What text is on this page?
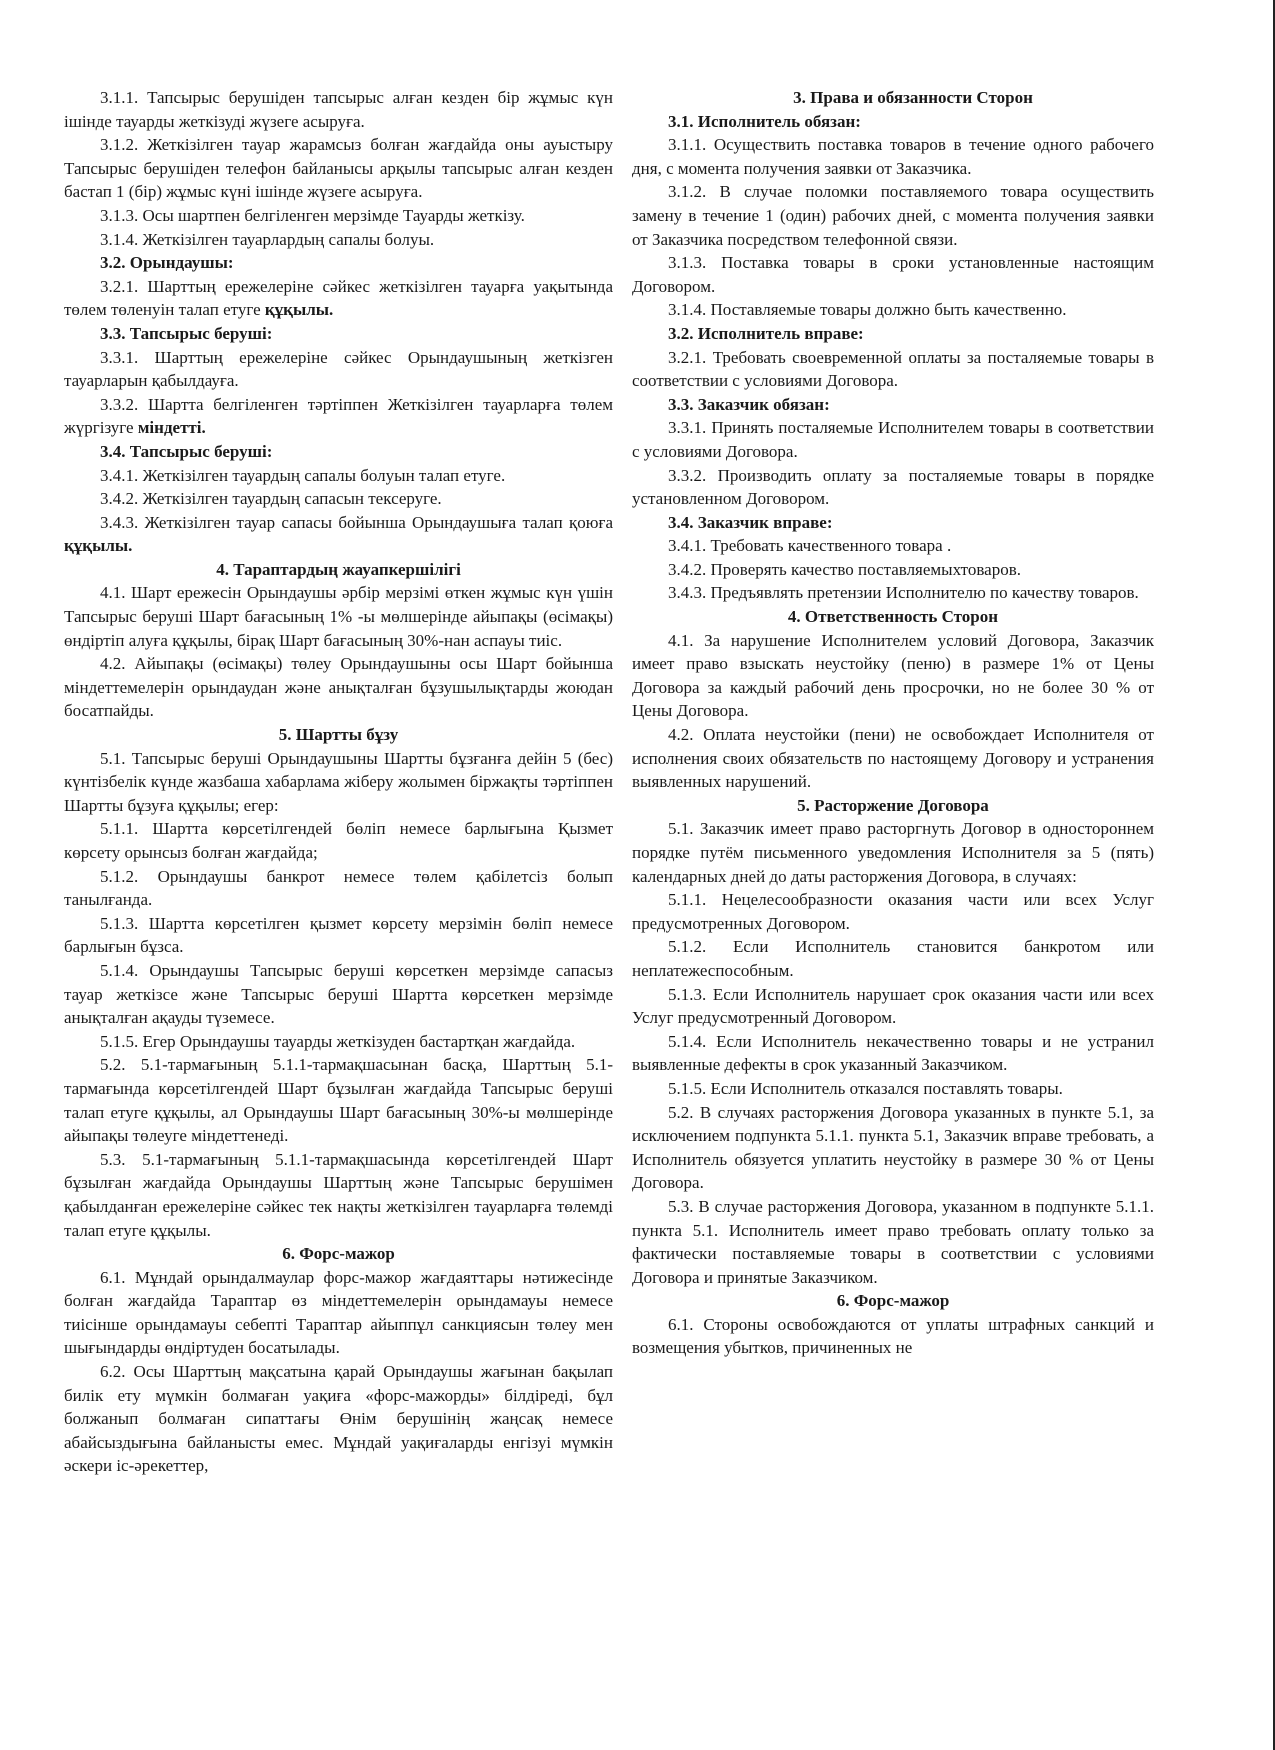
3.1.1. Тапсырыс берушіден тапсырыс алған кезден бір жұмыс күн ішінде тауарды жеткізуді жүзеге асыруға.

3.1.2. Жеткізілген тауар жарамсыз болған жағдайда оны ауыстыру Тапсырыс берушіден телефон байланысы арқылы тапсырыс алған кезден бастап 1 (бір) жұмыс күні ішінде жүзеге асыруға.

3.1.3. Осы шартпен белгіленген мерзімде Тауарды жеткізу.

3.1.4. Жеткізілген тауарлардың сапалы болуы.

3.2. Орындаушы:

3.2.1. Шарттың ережелеріне сәйкес жеткізілген тауарға уақытында төлем төленуін талап етуге құқылы.

3.3. Тапсырыс беруші:

3.3.1. Шарттың ережелеріне сәйкес Орындаушының жеткізген тауарларын қабылдауға.

3.3.2. Шартта белгіленген тәртіппен Жеткізілген тауарларға төлем жүргізуге міндетті.

3.4. Тапсырыс беруші:

3.4.1. Жеткізілген тауардың сапалы болуын талап етуге.

3.4.2. Жеткізілген тауардың сапасын тексеруге.

3.4.3. Жеткізілген тауар сапасы бойынша Орындаушыға талап қоюға құқылы.

4. Тараптардың жауапкершілігі

4.1. Шарт ережесін Орындаушы әрбір мерзімі өткен жұмыс күн үшін Тапсырыс беруші Шарт бағасының 1% -ы мөлшерінде айыпақы (өсімақы) өндіртіп алуға құқылы, бірақ Шарт бағасының 30%-нан аспауы тиіс.

4.2. Айыпақы (өсімақы) төлеу Орындаушыны осы Шарт бойынша міндеттемелерін орындаудан және анықталған бұзушылықтарды жоюдан босатпайды.

5. Шартты бұзу

5.1. Тапсырыс беруші Орындаушыны Шартты бұзғанға дейін 5 (бес) күнтізбелік күнде жазбаша хабарлама жіберу жолымен біржақты тәртіппен Шартты бұзуға құқылы; егер:

5.1.1. Шартта көрсетілгендей бөліп немесе барлығына Қызмет көрсету орынсыз болған жағдайда;

5.1.2. Орындаушы банкрот немесе төлем қабілетсіз болып танылғанда.

5.1.3. Шартта көрсетілген қызмет көрсету мерзімін бөліп немесе барлығын бұзса.

5.1.4. Орындаушы Тапсырыс беруші көрсеткен мерзімде сапасыз тауар жеткізсе және Тапсырыс беруші Шартта көрсеткен мерзімде анықталған ақауды түземесе.

5.1.5. Егер Орындаушы тауарды жеткізуден бастартқан жағдайда.

5.2. 5.1-тармағының 5.1.1-тармақшасынан басқа, Шарттың 5.1-тармағында көрсетілгендей Шарт бұзылған жағдайда Тапсырыс беруші талап етуге құқылы, ал Орындаушы Шарт бағасының 30%-ы мөлшерінде айыпақы төлеуге міндеттенеді.

5.3. 5.1-тармағының 5.1.1-тармақшасында көрсетілгендей Шарт бұзылған жағдайда Орындаушы Шарттың және Тапсырыс берушімен қабылданған ережелеріне сәйкес тек нақты жеткізілген тауарларға төлемді талап етуге құқылы.

6. Форс-мажор

6.1. Мұндай орындалмаулар форс-мажор жағдаяттары нәтижесінде болған жағдайда Тараптар өз міндеттемелерін орындамауы немесе тиісінше орындамауы себепті Тараптар айыппұл санкциясын төлеу мен шығындарды өндіртуден босатылады.

6.2. Осы Шарттың мақсатына қарай Орындаушы жағынан бақылап билік ету мүмкін болмаған уақиға «форс-мажорды» білдіреді, бұл болжанып болмаған сипаттағы Өнім берушінің жаңсақ немесе абайсыздығына байланысты емес. Мұндай уақиғаларды енгізуі мүмкін әскери іс-әрекеттер,

3. Права и обязанности Сторон

3.1. Исполнитель обязан:

3.1.1. Осуществить поставка товаров в течение одного рабочего дня, с момента получения заявки от Заказчика.

3.1.2. В случае поломки поставляемого товара осуществить замену в течение 1 (один) рабочих дней, с момента получения заявки от Заказчика посредством телефонной связи.

3.1.3. Поставка товары в сроки установленные настоящим Договором.

3.1.4. Поставляемые товары должно быть качественно.

3.2. Исполнитель вправе:

3.2.1. Требовать своевременной оплаты за посталяемые товары в соответствии с условиями Договора.

3.3. Заказчик обязан:

3.3.1. Принять посталяемые Исполнителем товары в соответствии с условиями Договора.

3.3.2. Производить оплату за посталяемые товары в порядке установленном Договором.

3.4. Заказчик вправе:

3.4.1. Требовать качественного товара .

3.4.2. Проверять качество поставляемыхтоваров.

3.4.3. Предъявлять претензии Исполнителю по качеству товаров.

4. Ответственность Сторон

4.1. За нарушение Исполнителем условий Договора, Заказчик имеет право взыскать неустойку (пеню) в размере 1% от Цены Договора за каждый рабочий день просрочки, но не более 30 % от Цены Договора.

4.2. Оплата неустойки (пени) не освобождает Исполнителя от исполнения своих обязательств по настоящему Договору и устранения выявленных нарушений.

5. Расторжение Договора

5.1. Заказчик имеет право расторгнуть Договор в одностороннем порядке путём письменного уведомления Исполнителя за 5 (пять) календарных дней до даты расторжения Договора, в случаях:

5.1.1. Нецелесообразности оказания части или всех Услуг предусмотренных Договором.

5.1.2. Если Исполнитель становится банкротом или неплатежеспособным.

5.1.3. Если Исполнитель нарушает срок оказания части или всех Услуг предусмотренный Договором.

5.1.4. Если Исполнитель некачественно товары и не устранил выявленные дефекты в срок указанный Заказчиком.

5.1.5. Если Исполнитель отказался поставлять товары.

5.2. В случаях расторжения Договора указанных в пункте 5.1, за исключением подпункта 5.1.1. пункта 5.1, Заказчик вправе требовать, а Исполнитель обязуется уплатить неустойку в размере 30 % от Цены Договора.

5.3. В случае расторжения Договора, указанном в подпункте 5.1.1. пункта 5.1. Исполнитель имеет право требовать оплату только за фактически поставляемые товары в соответствии с условиями Договора и принятые Заказчиком.

6. Форс-мажор

6.1. Стороны освобождаются от уплаты штрафных санкций и возмещения убытков, причиненных не
